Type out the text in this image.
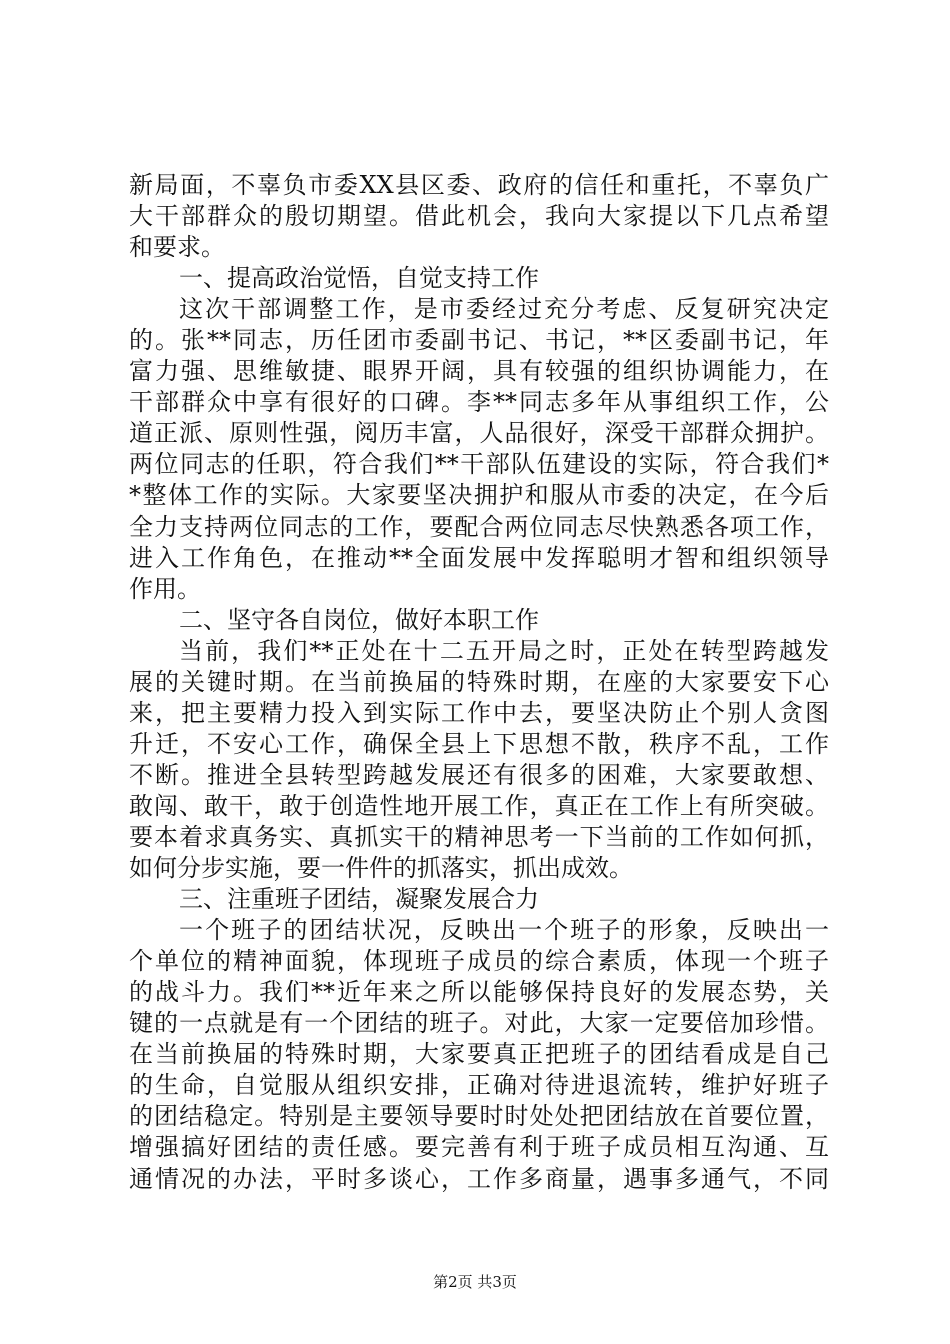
新局面，不辜负市委XX县区委、政府的信任和重托，不辜负广
大干部群众的殷切期望。借此机会，我向大家提以下几点希望
和要求。
一、提高政治觉悟，自觉支持工作
这次干部调整工作，是市委经过充分考虑、反复研究决定
的。张**同志，历任团市委副书记、书记，**区委副书记，年
富力强、思维敏捷、眼界开阔，具有较强的组织协调能力，在
干部群众中享有很好的口碑。李**同志多年从事组织工作，公
道正派、原则性强，阅历丰富，人品很好，深受干部群众拥护。
两位同志的任职，符合我们**干部队伍建设的实际，符合我们*
*整体工作的实际。大家要坚决拥护和服从市委的决定，在今后
全力支持两位同志的工作，要配合两位同志尽快熟悉各项工作，
进入工作角色，在推动**全面发展中发挥聪明才智和组织领导
作用。
二、坚守各自岗位，做好本职工作
当前，我们**正处在十二五开局之时，正处在转型跨越发
展的关键时期。在当前换届的特殊时期，在座的大家要安下心
来，把主要精力投入到实际工作中去，要坚决防止个别人贪图
升迁，不安心工作，确保全县上下思想不散，秩序不乱，工作
不断。推进全县转型跨越发展还有很多的困难，大家要敢想、
敢闯、敢干，敢于创造性地开展工作，真正在工作上有所突破。
要本着求真务实、真抓实干的精神思考一下当前的工作如何抓，
如何分步实施，要一件件的抓落实，抓出成效。
三、注重班子团结，凝聚发展合力
一个班子的团结状况，反映出一个班子的形象，反映出一
个单位的精神面貌，体现班子成员的综合素质，体现一个班子
的战斗力。我们**近年来之所以能够保持良好的发展态势，关
键的一点就是有一个团结的班子。对此，大家一定要倍加珍惜。
在当前换届的特殊时期，大家要真正把班子的团结看成是自己
的生命，自觉服从组织安排，正确对待进退流转，维护好班子
的团结稳定。特别是主要领导要时时处处把团结放在首要位置，
增强搞好团结的责任感。要完善有利于班子成员相互沟通、互
通情况的办法，平时多谈心，工作多商量，遇事多通气，不同
第2页 共3页
